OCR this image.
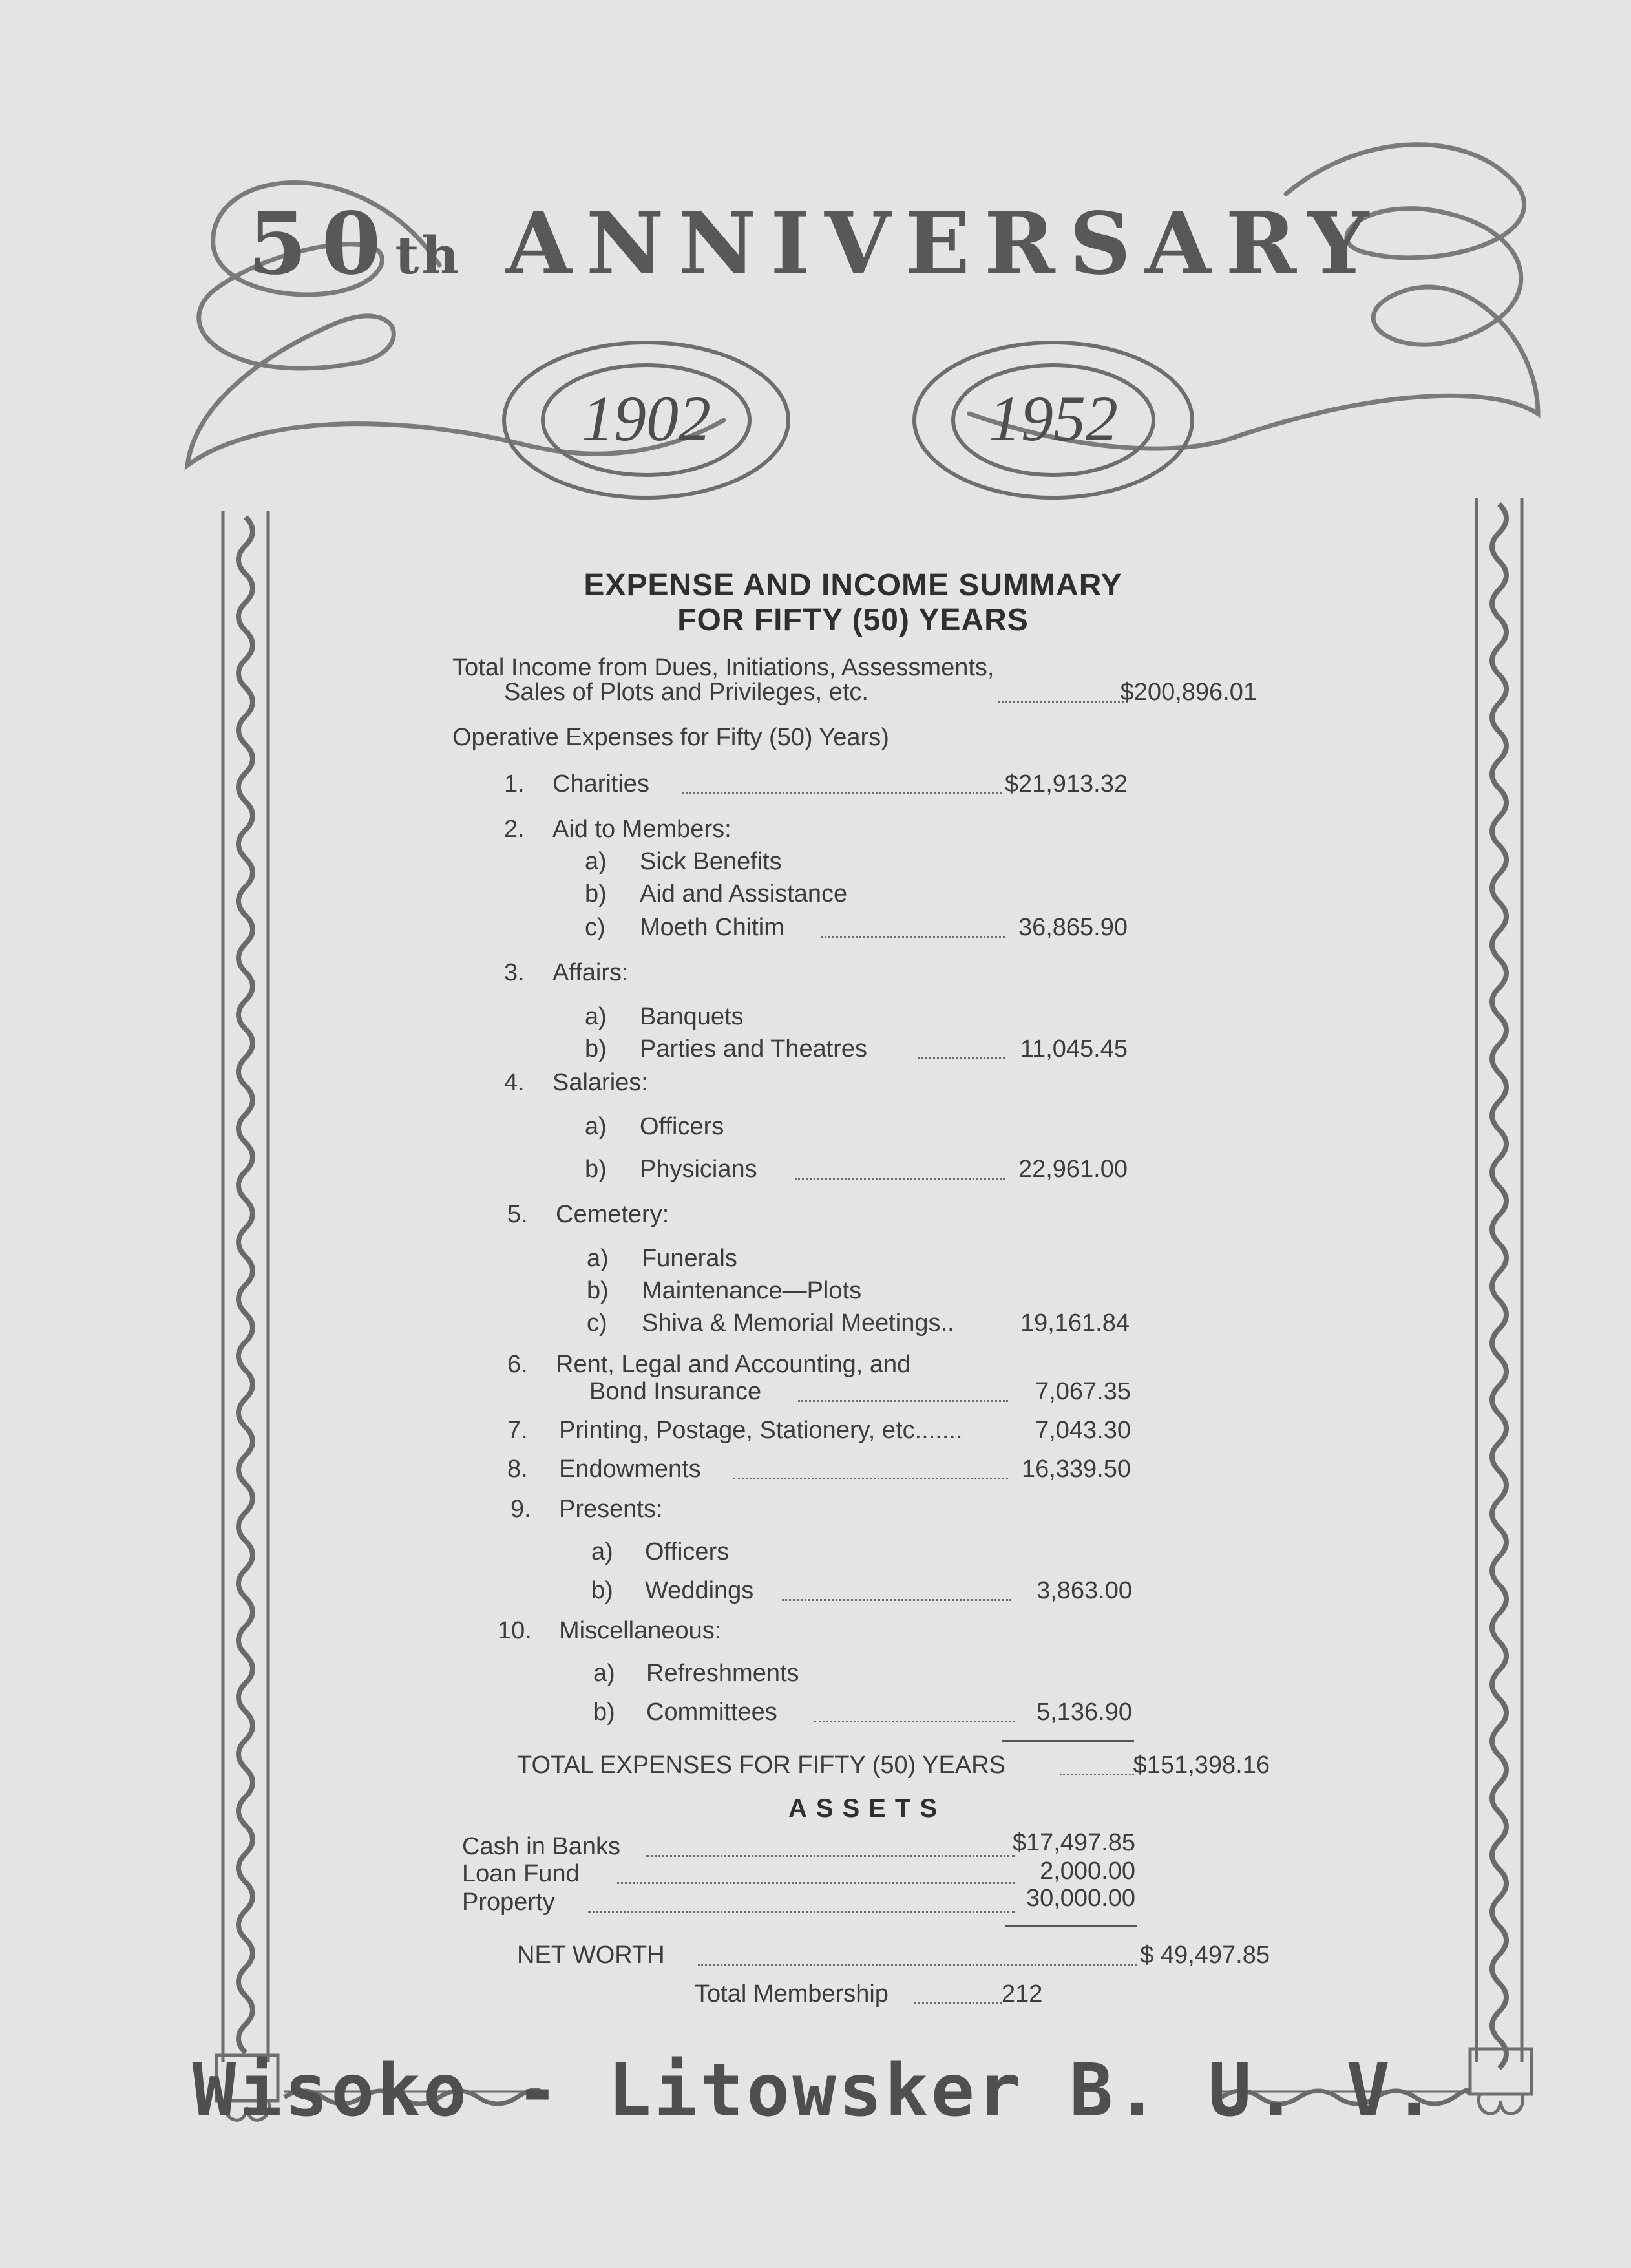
50th ANNIVERSARY
1902	1952
EXPENSE AND INCOME SUMMARY
FOR FIFTY (50) YEARS
Total Income from Dues, Initiations, Assessments,
Sales of Plots and Privileges, etc.	$200,896.01
Operative Expenses for Fifty (50) Years)
1. Charities	$21,913.32
2. Aid to Members:
a) Sick Benefits
b) Aid and Assistance
c) Moeth Chitim	36,865.90
3. Affairs:
a) Banquets
b) Parties and Theatres	11,045.45
4. Salaries:
a) Officers
b) Physicians	22,961.00
5. Cemetery:
a) Funerals
b) Maintenance—Plots
c) Shiva & Memorial Meetings..	19,161.84
6. Rent, Legal and Accounting, and
Bond Insurance	7,067.35
7. Printing, Postage, Stationery, etc.......	7,043.30
8. Endowments	16,339.50
9. Presents:
a) Officers
b) Weddings	3,863.00
10. Miscellaneous:
a) Refreshments
b) Committees	5,136.90
TOTAL EXPENSES FOR FIFTY (50) YEARS	$151,398.16
ASSETS
Cash in Banks	$17,497.85
Loan Fund	2,000.00
Property	30,000.00
NET WORTH	$ 49,497.85
Total Membership	212
Wisoko - Litowsker B. U. V.
